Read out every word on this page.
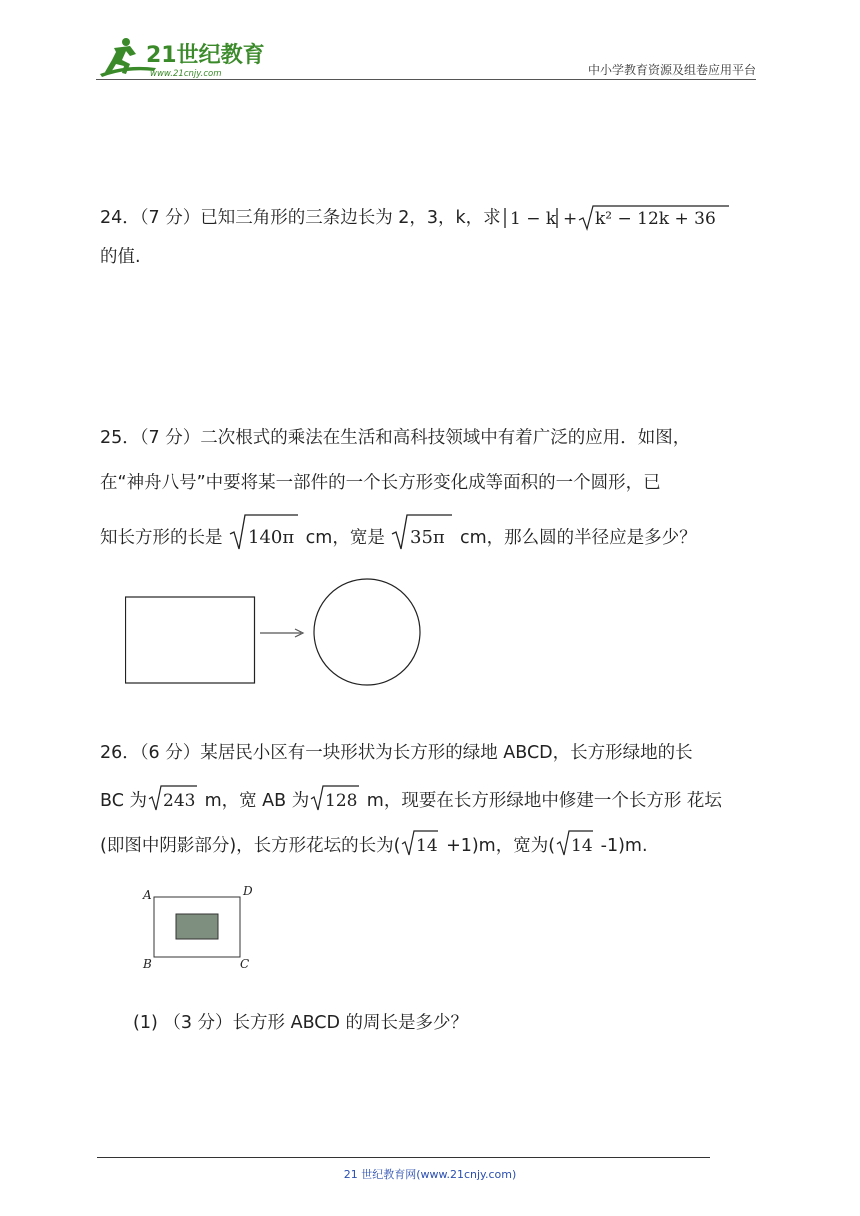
21世纪教育
www.21cnjy.com	中小学教育资源及组卷应用平台
24．（7 分）已知三角形的三条边长为 2，3，k，求 1 − k + k² − 12k + 36
的值.
25．（7 分）二次根式的乘法在生活和高科技领域中有着广泛的应用．如图，
在“神舟八号”中要将某一部件的一个长方形变化成等面积的一个圆形，已
知长方形的长是 140π cm，宽是 35π cm，那么圆的半径应是多少？
26．（6 分）某居民小区有一块形状为长方形的绿地 ABCD，长方形绿地的长
BC 为 243 m，宽 AB 为 128 m，现要在长方形绿地中修建一个长方形 花坛
(即图中阴影部分)，长方形花坛的长为( 14 +1)m，宽为( 14 -1)m.
A	D
B	C
(1) （3 分）长方形 ABCD 的周长是多少？
21 世纪教育网(www.21cnjy.com)
